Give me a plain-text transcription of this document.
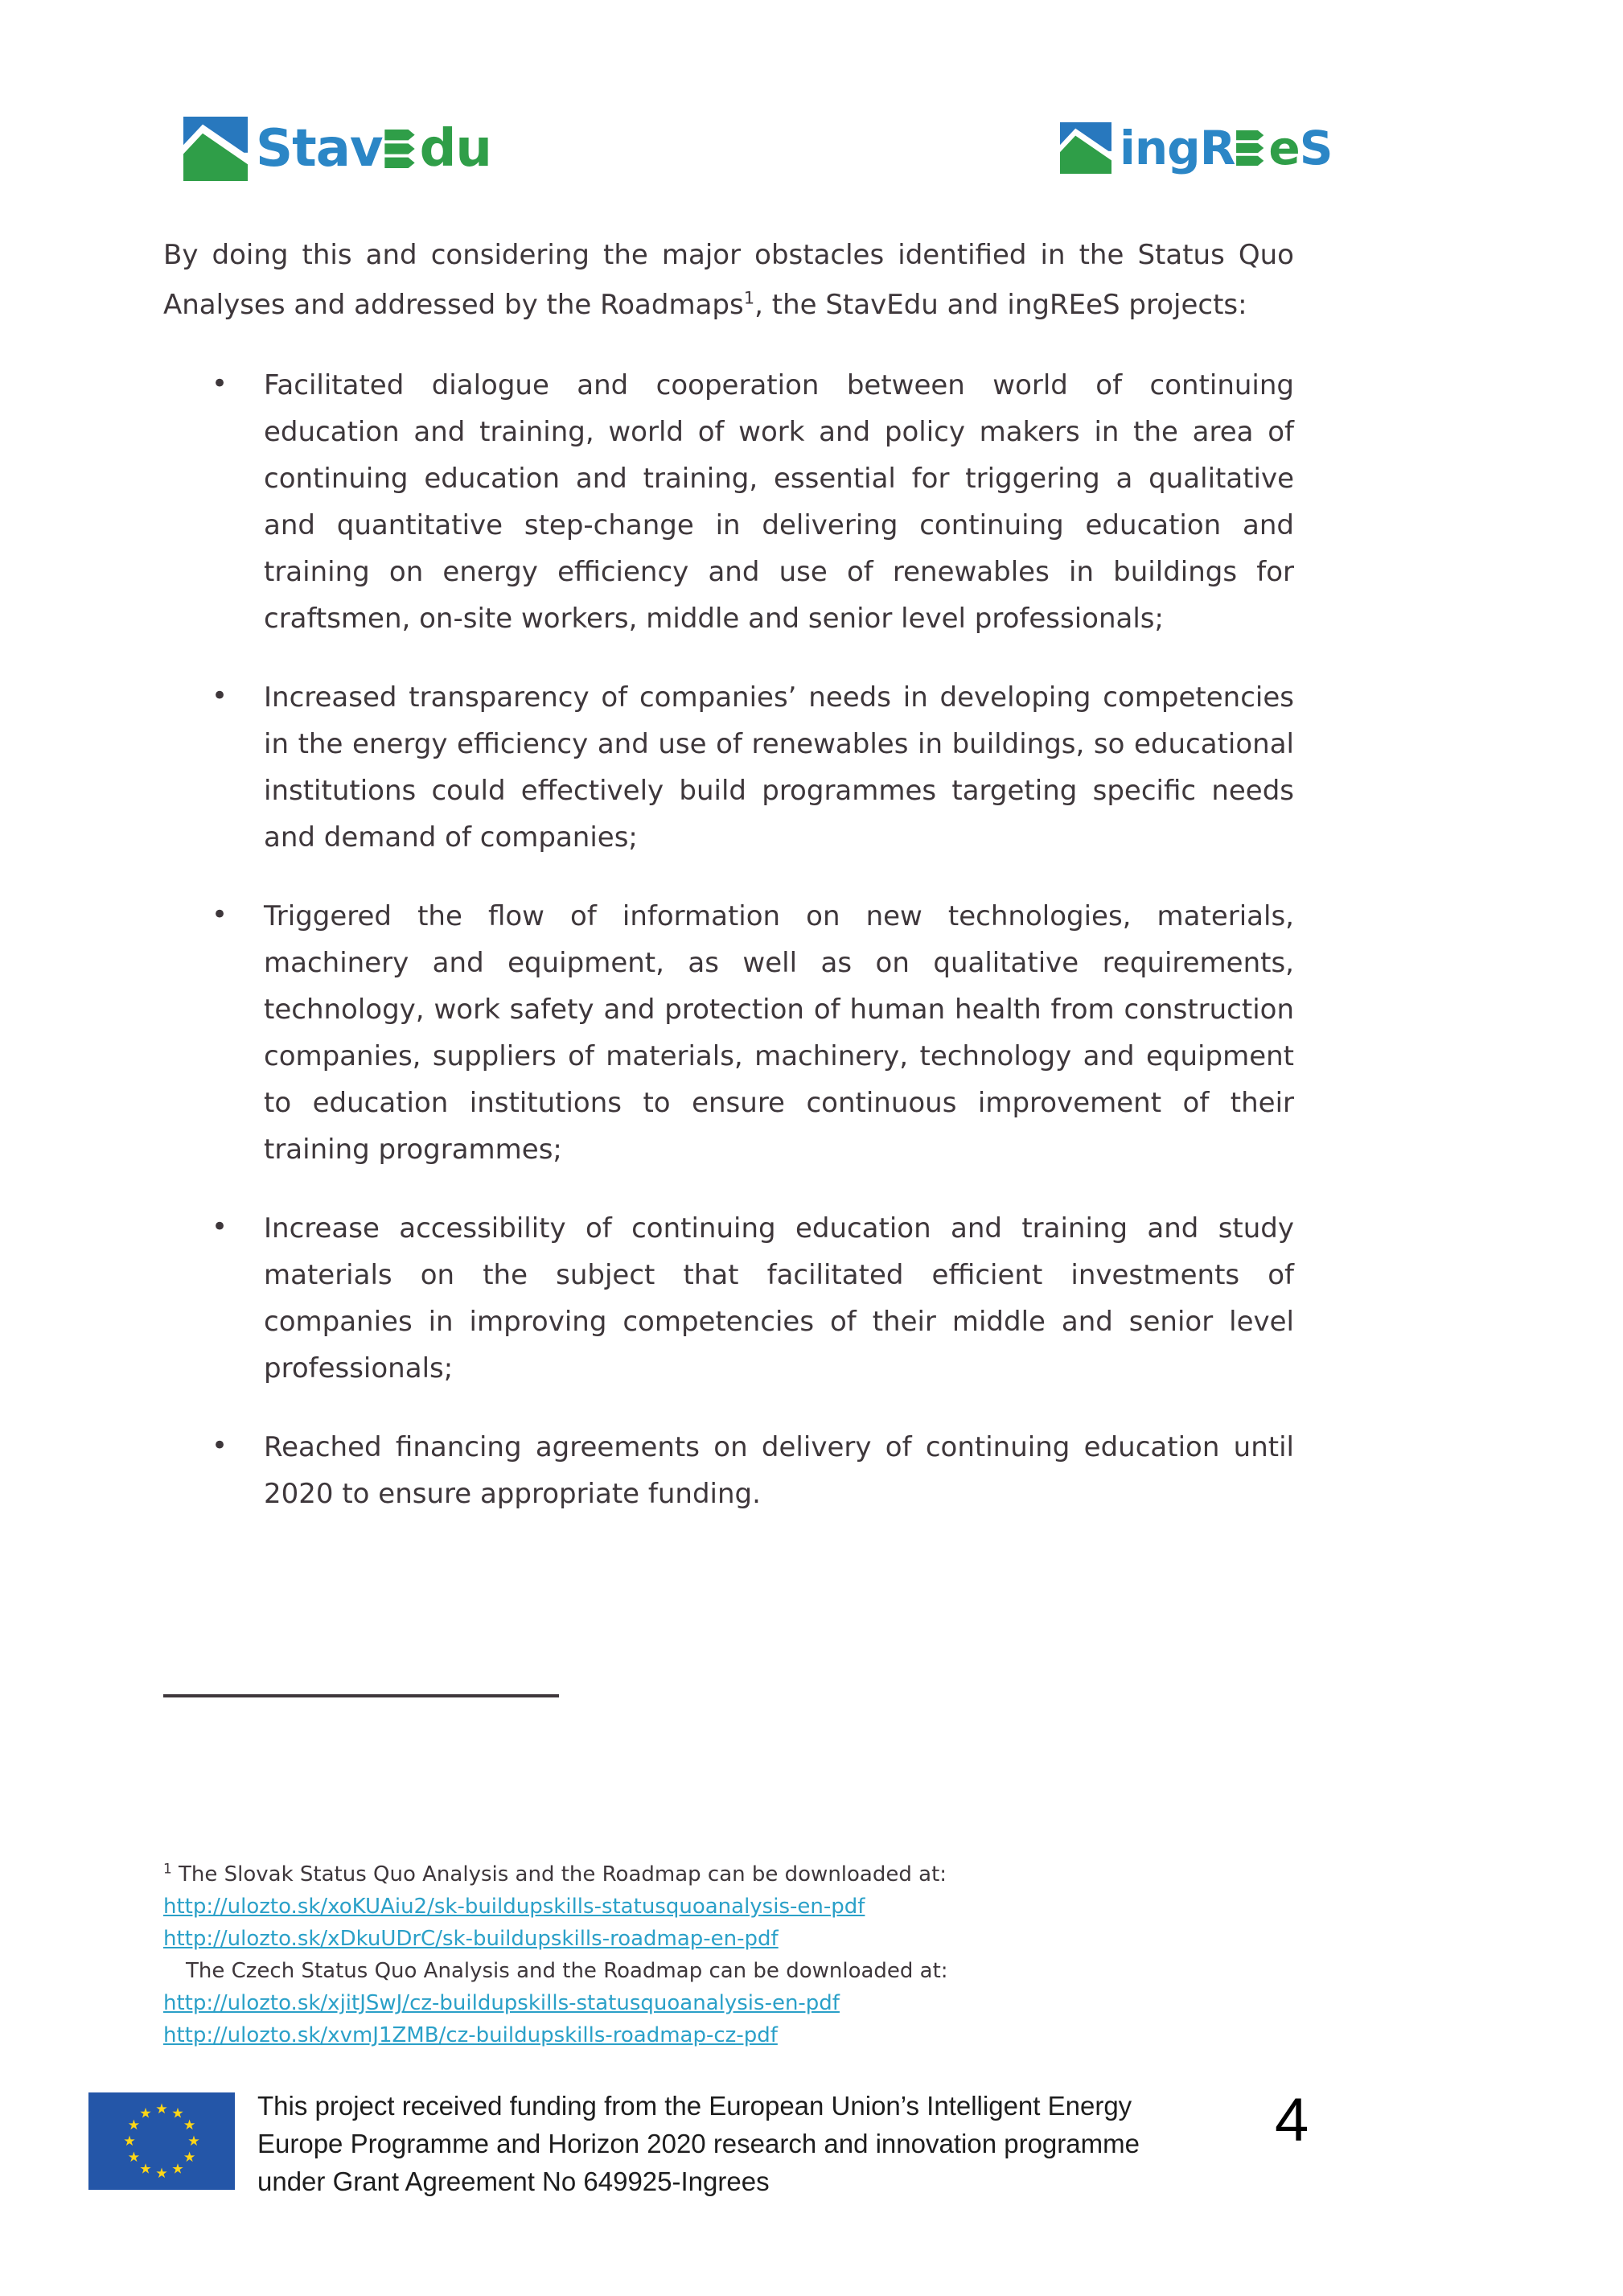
Stav du	ingR e S

By doing this and considering the major obstacles identified in the Status Quo Analyses and addressed by the Roadmaps$^1$, the StavEdu and ingREeS projects:

• Facilitated dialogue and cooperation between world of continuing education and training, world of work and policy makers in the area of continuing education and training, essential for triggering a qualitative and quantitative step-change in delivering continuing education and training on energy efficiency and use of renewables in buildings for craftsmen, on-site workers, middle and senior level professionals;
• Increased transparency of companies’ needs in developing competencies in the energy efficiency and use of renewables in buildings, so educational institutions could effectively build programmes targeting specific needs and demand of companies;
• Triggered the flow of information on new technologies, materials, machinery and equipment, as well as on qualitative requirements, technology, work safety and protection of human health from construction companies, suppliers of materials, machinery, technology and equipment to education institutions to ensure continuous improvement of their training programmes;
• Increase accessibility of continuing education and training and study materials on the subject that facilitated efficient investments of companies in improving competencies of their middle and senior level professionals;
• Reached financing agreements on delivery of continuing education until 2020 to ensure appropriate funding.
$^1$ The Slovak Status Quo Analysis and the Roadmap can be downloaded at:
http://ulozto.sk/xoKUAiu2/sk-buildupskills-statusquoanalysis-en-pdf
http://ulozto.sk/xDkuUDrC/sk-buildupskills-roadmap-en-pdf
The Czech Status Quo Analysis and the Roadmap can be downloaded at:
http://ulozto.sk/xjitJSwJ/cz-buildupskills-statusquoanalysis-en-pdf
http://ulozto.sk/xvmJ1ZMB/cz-buildupskills-roadmap-cz-pdf
This project received funding from the European Union’s Intelligent Energy
Europe Programme and Horizon 2020 research and innovation programme
under Grant Agreement No 649925-Ingrees
4
